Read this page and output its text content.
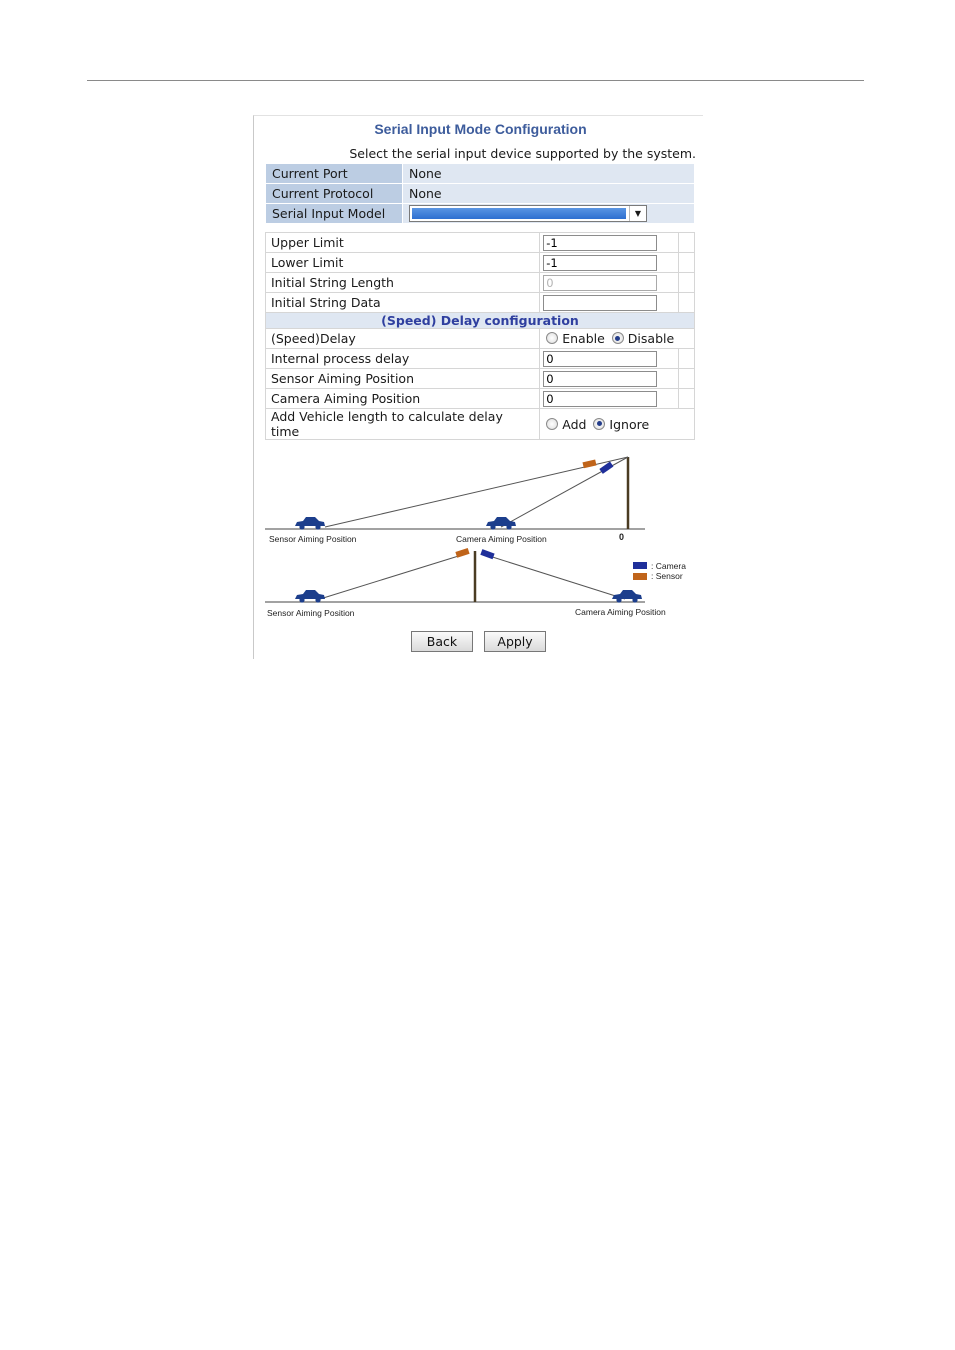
Serial Input Mode Configuration
Select the serial input device supported by the system.
Current Port	None
Current Protocol	None
Serial Input Model	▼
Upper Limit	-1	
Lower Limit	-1	
Initial String Length	0	
Initial String Data		
(Speed) Delay configuration		
(Speed)Delay	Enable Disable	
Internal process delay	0	
Sensor Aiming Position	0	
Camera Aiming Position	0	
Add Vehicle length to calculate delay time	Add Ignore	
Sensor Aiming Position	Camera Aiming Position	0
: Camera
: Sensor
Sensor Aiming Position	Camera Aiming Position
Back	Apply
